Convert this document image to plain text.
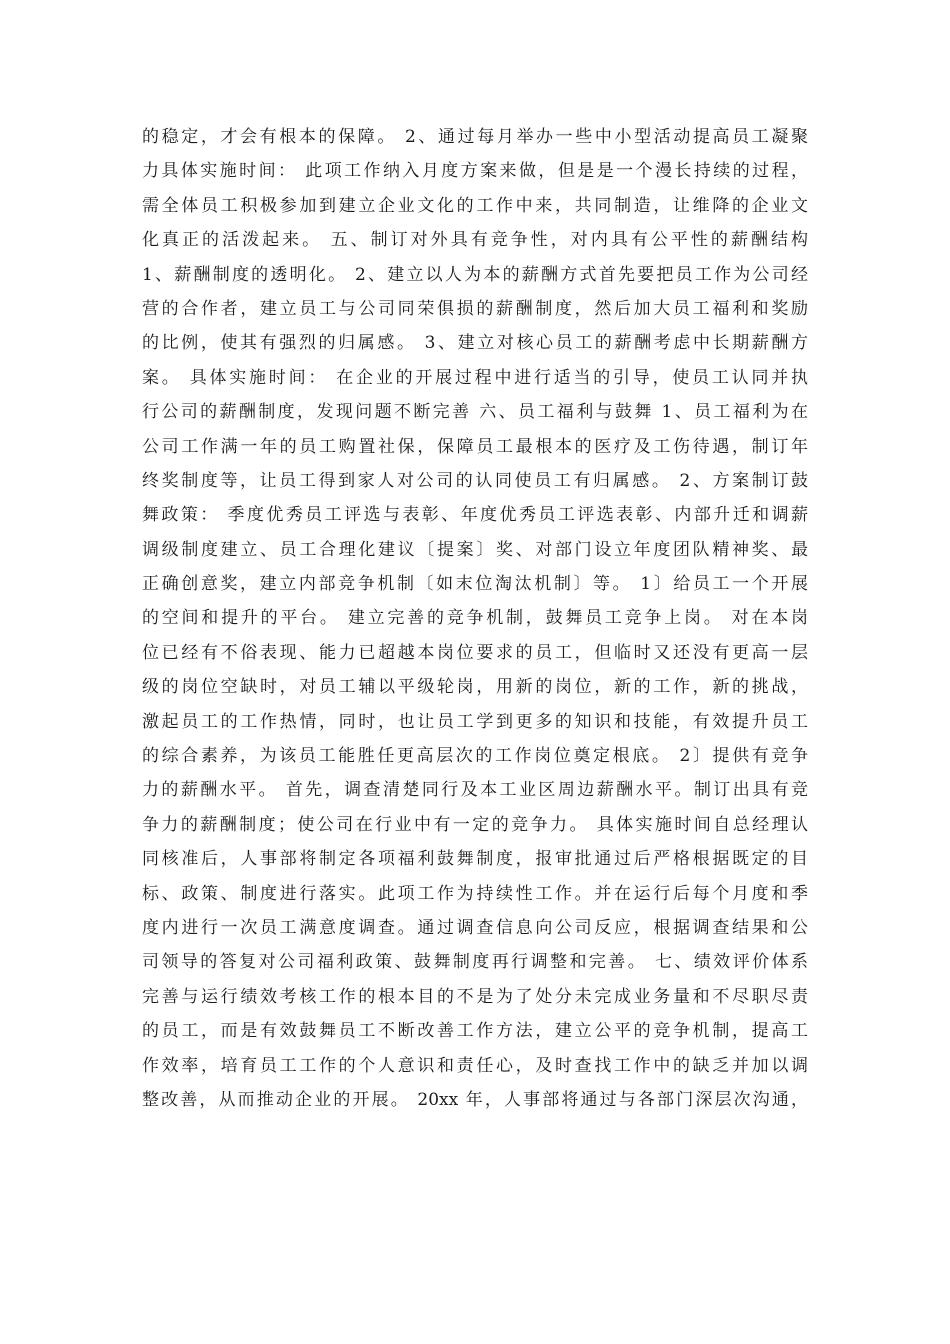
的稳定，才会有根本的保障。 2、通过每月举办一些中小型活动提高员工凝聚
力具体实施时间： 此项工作纳入月度方案来做，但是是一个漫长持续的过程，
需全体员工积极参加到建立企业文化的工作中来，共同制造，让维降的企业文
化真正的活泼起来。 五、制订对外具有竞争性，对内具有公平性的薪酬结构
1、薪酬制度的透明化。 2、建立以人为本的薪酬方式首先要把员工作为公司经
营的合作者，建立员工与公司同荣俱损的薪酬制度，然后加大员工福利和奖励
的比例，使其有强烈的归属感。 3、建立对核心员工的薪酬考虑中长期薪酬方
案。 具体实施时间： 在企业的开展过程中进行适当的引导，使员工认同并执
行公司的薪酬制度，发现问题不断完善 六、员工福利与鼓舞 1、员工福利为在
公司工作满一年的员工购置社保，保障员工最根本的医疗及工伤待遇，制订年
终奖制度等，让员工得到家人对公司的认同使员工有归属感。 2、方案制订鼓
舞政策： 季度优秀员工评选与表彰、年度优秀员工评选表彰、内部升迁和调薪
调级制度建立、员工合理化建议〔提案〕奖、对部门设立年度团队精神奖、最
正确创意奖，建立内部竞争机制〔如末位淘汰机制〕等。 1〕给员工一个开展
的空间和提升的平台。 建立完善的竞争机制，鼓舞员工竞争上岗。 对在本岗
位已经有不俗表现、能力已超越本岗位要求的员工，但临时又还没有更高一层
级的岗位空缺时，对员工辅以平级轮岗，用新的岗位，新的工作，新的挑战，
激起员工的工作热情，同时，也让员工学到更多的知识和技能，有效提升员工
的综合素养，为该员工能胜任更高层次的工作岗位奠定根底。 2〕提供有竞争
力的薪酬水平。 首先，调查清楚同行及本工业区周边薪酬水平。制订出具有竞
争力的薪酬制度；使公司在行业中有一定的竞争力。 具体实施时间自总经理认
同核准后，人事部将制定各项福利鼓舞制度，报审批通过后严格根据既定的目
标、政策、制度进行落实。此项工作为持续性工作。并在运行后每个月度和季
度内进行一次员工满意度调查。通过调查信息向公司反应，根据调查结果和公
司领导的答复对公司福利政策、鼓舞制度再行调整和完善。 七、绩效评价体系
完善与运行绩效考核工作的根本目的不是为了处分未完成业务量和不尽职尽责
的员工，而是有效鼓舞员工不断改善工作方法，建立公平的竞争机制，提高工
作效率，培育员工工作的个人意识和责任心，及时查找工作中的缺乏并加以调
整改善，从而推动企业的开展。 20xx 年，人事部将通过与各部门深层次沟通，
